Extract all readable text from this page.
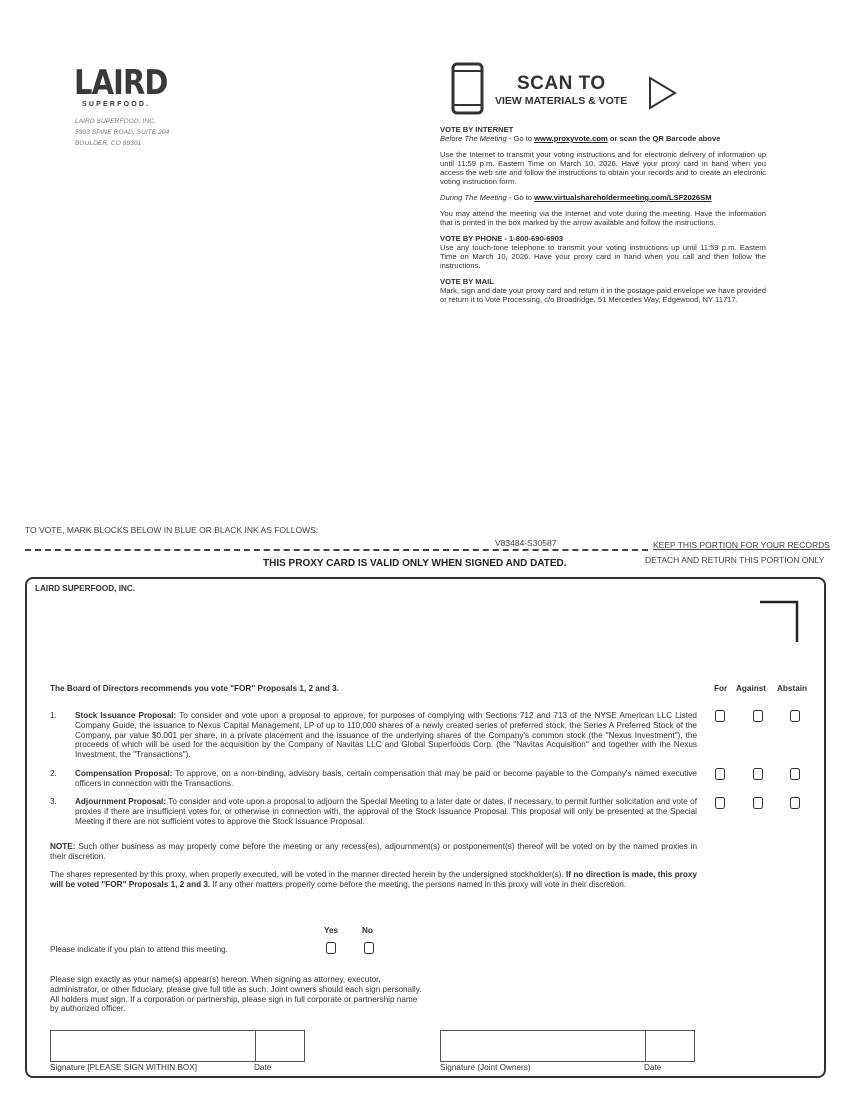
LAIRD
SUPERFOOD.
LAIRD SUPERFOOD, INC.
5303 SPINE ROAD, SUITE 204
BOULDER, CO 80301
SCAN TO
VIEW MATERIALS & VOTE

VOTE BY INTERNET

Before The Meeting - Go to www.proxyvote.com or scan the QR Barcode above

Use the Internet to transmit your voting instructions and for electronic delivery of information up until 11:59 p.m. Eastern Time on March 10, 2026. Have your proxy card in hand when you access the web site and follow the instructions to obtain your records and to create an electronic voting instruction form.

During The Meeting - Go to www.virtualshareholdermeeting.com/LSF2026SM

You may attend the meeting via the Internet and vote during the meeting. Have the information that is printed in the box marked by the arrow available and follow the instructions.

VOTE BY PHONE - 1-800-690-6903

Use any touch-tone telephone to transmit your voting instructions up until 11:59 p.m. Eastern Time on March 10, 2026. Have your proxy card in hand when you call and then follow the instructions.

VOTE BY MAIL

Mark, sign and date your proxy card and return it in the postage-paid envelope we have provided or return it to Vote Processing, c/o Broadridge, 51 Mercedes Way, Edgewood, NY 11717.

TO VOTE, MARK BLOCKS BELOW IN BLUE OR BLACK INK AS FOLLOWS:
V83484-S30587	KEEP THIS PORTION FOR YOUR RECORDS
DETACH AND RETURN THIS PORTION ONLY
THIS PROXY CARD IS VALID ONLY WHEN SIGNED AND DATED.
LAIRD SUPERFOOD, INC.
The Board of Directors recommends you vote "FOR" Proposals 1, 2 and 3.	For Against Abstain
1. Stock Issuance Proposal: To consider and vote upon a proposal to approve, for purposes of complying with Sections 712 and 713 of the NYSE American LLC Listed Company Guide, the issuance to Nexus Capital Management, LP of up to 110,000 shares of a newly created series of preferred stock, the Series A Preferred Stock of the Company, par value $0.001 per share, in a private placement and the issuance of the underlying shares of the Company's common stock (the "Nexus Investment"), the proceeds of which will be used for the acquisition by the Company of Navitas LLC and Global Superfoods Corp. (the "Navitas Acquisition" and together with the Nexus Investment, the "Transactions").
2. Compensation Proposal: To approve, on a non-binding, advisory basis, certain compensation that may be paid or become payable to the Company's named executive officers in connection with the Transactions.
3. Adjournment Proposal: To consider and vote upon a proposal to adjourn the Special Meeting to a later date or dates, if necessary, to permit further solicitation and vote of proxies if there are insufficient votes for, or otherwise in connection with, the approval of the Stock Issuance Proposal. This proposal will only be presented at the Special Meeting if there are not sufficient votes to approve the Stock Issuance Proposal.
NOTE: Such other business as may properly come before the meeting or any recess(es), adjournment(s) or postponement(s) thereof will be voted on by the named proxies in their discretion.
The shares represented by this proxy, when properly executed, will be voted in the manner directed herein by the undersigned stockholder(s). If no direction is made, this proxy will be voted "FOR" Proposals 1, 2 and 3. If any other matters properly come before the meeting, the persons named in this proxy will vote in their discretion.
Yes	No
Please indicate if you plan to attend this meeting.
Please sign exactly as your name(s) appear(s) hereon. When signing as attorney, executor, administrator, or other fiduciary, please give full title as such. Joint owners should each sign personally. All holders must sign. If a corporation or partnership, please sign in full corporate or partnership name by authorized officer.
Signature [PLEASE SIGN WITHIN BOX]	Date	Signature (Joint Owners)	Date
